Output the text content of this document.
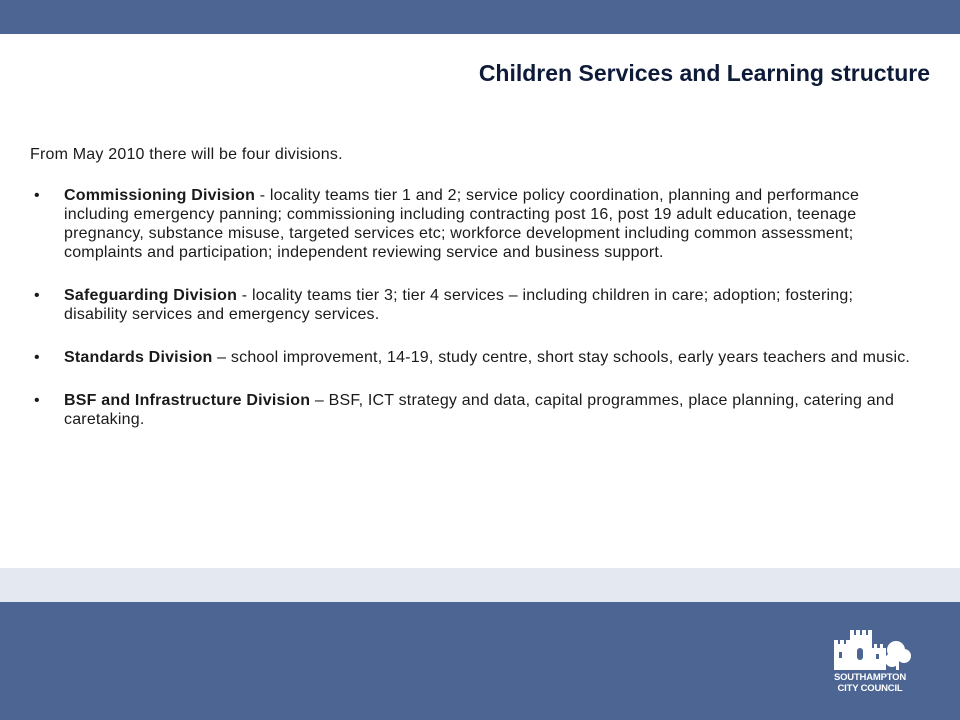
Children Services and Learning structure

From May 2010 there will be four divisions.

• Commissioning Division - locality teams tier 1 and 2; service policy coordination, planning and performance including emergency panning; commissioning including contracting post 16, post 19 adult education, teenage pregnancy, substance misuse, targeted services etc; workforce development including common assessment; complaints and participation; independent reviewing service and business support.
• Safeguarding Division - locality teams tier 3; tier 4 services – including children in care; adoption; fostering; disability services and emergency services.
• Standards Division – school improvement, 14-19, study centre, short stay schools, early years teachers and music.
• BSF and Infrastructure Division – BSF, ICT strategy and data, capital programmes, place planning, catering and caretaking.
SOUTHAMPTON
CITY COUNCIL
